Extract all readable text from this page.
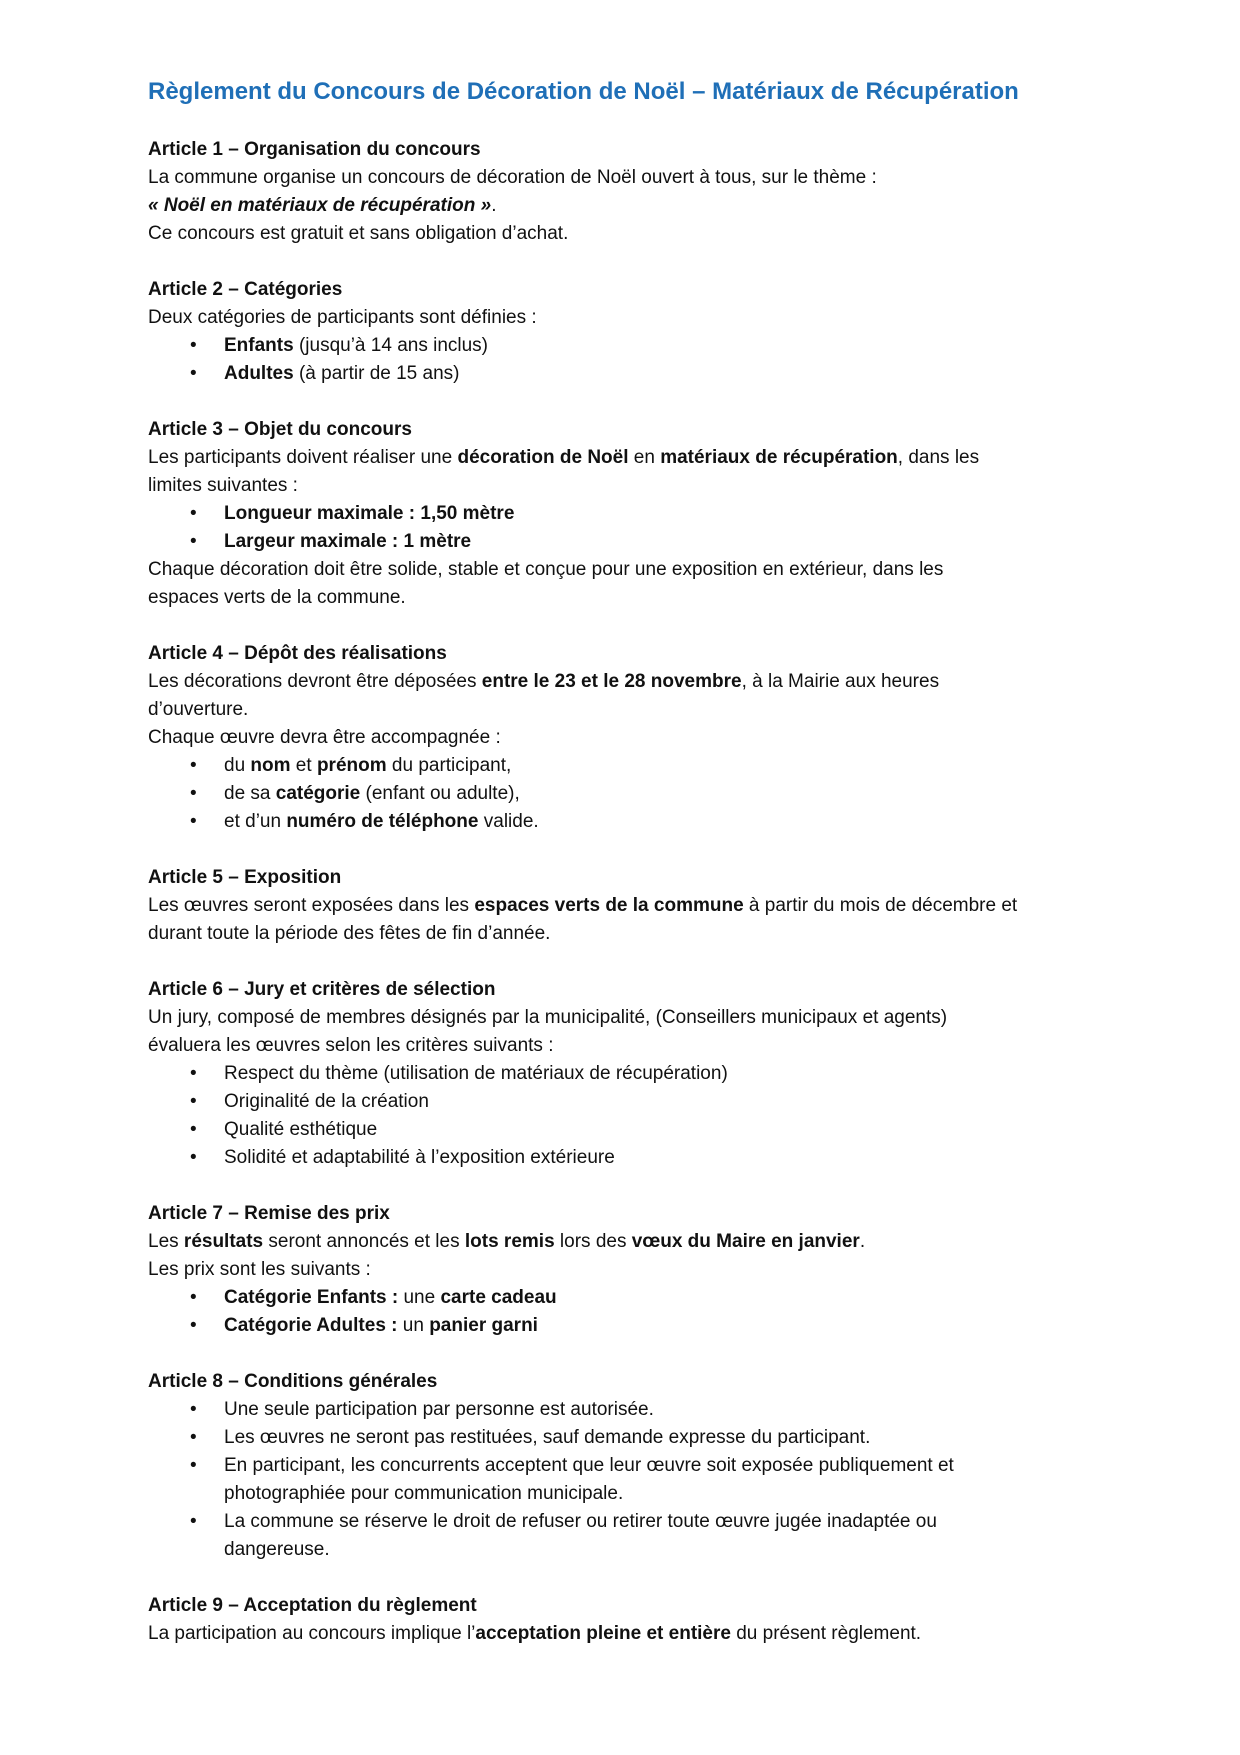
Règlement du Concours de Décoration de Noël – Matériaux de Récupération
Article 1 – Organisation du concours
La commune organise un concours de décoration de Noël ouvert à tous, sur le thème :
« Noël en matériaux de récupération ».
Ce concours est gratuit et sans obligation d’achat.
Article 2 – Catégories
Deux catégories de participants sont définies :
• Enfants (jusqu’à 14 ans inclus)
• Adultes (à partir de 15 ans)
Article 3 – Objet du concours
Les participants doivent réaliser une décoration de Noël en matériaux de récupération, dans les
limites suivantes :
• Longueur maximale : 1,50 mètre
• Largeur maximale : 1 mètre
Chaque décoration doit être solide, stable et conçue pour une exposition en extérieur, dans les
espaces verts de la commune.
Article 4 – Dépôt des réalisations
Les décorations devront être déposées entre le 23 et le 28 novembre, à la Mairie aux heures
d’ouverture.
Chaque œuvre devra être accompagnée :
• du nom et prénom du participant,
• de sa catégorie (enfant ou adulte),
• et d’un numéro de téléphone valide.
Article 5 – Exposition
Les œuvres seront exposées dans les espaces verts de la commune à partir du mois de décembre et
durant toute la période des fêtes de fin d’année.
Article 6 – Jury et critères de sélection
Un jury, composé de membres désignés par la municipalité, (Conseillers municipaux et agents)
évaluera les œuvres selon les critères suivants :
• Respect du thème (utilisation de matériaux de récupération)
• Originalité de la création
• Qualité esthétique
• Solidité et adaptabilité à l’exposition extérieure
Article 7 – Remise des prix
Les résultats seront annoncés et les lots remis lors des vœux du Maire en janvier.
Les prix sont les suivants :
• Catégorie Enfants : une carte cadeau
• Catégorie Adultes : un panier garni
Article 8 – Conditions générales
• Une seule participation par personne est autorisée.
• Les œuvres ne seront pas restituées, sauf demande expresse du participant.
• En participant, les concurrents acceptent que leur œuvre soit exposée publiquement et
photographiée pour communication municipale.
• La commune se réserve le droit de refuser ou retirer toute œuvre jugée inadaptée ou
dangereuse.
Article 9 – Acceptation du règlement
La participation au concours implique l’acceptation pleine et entière du présent règlement.
